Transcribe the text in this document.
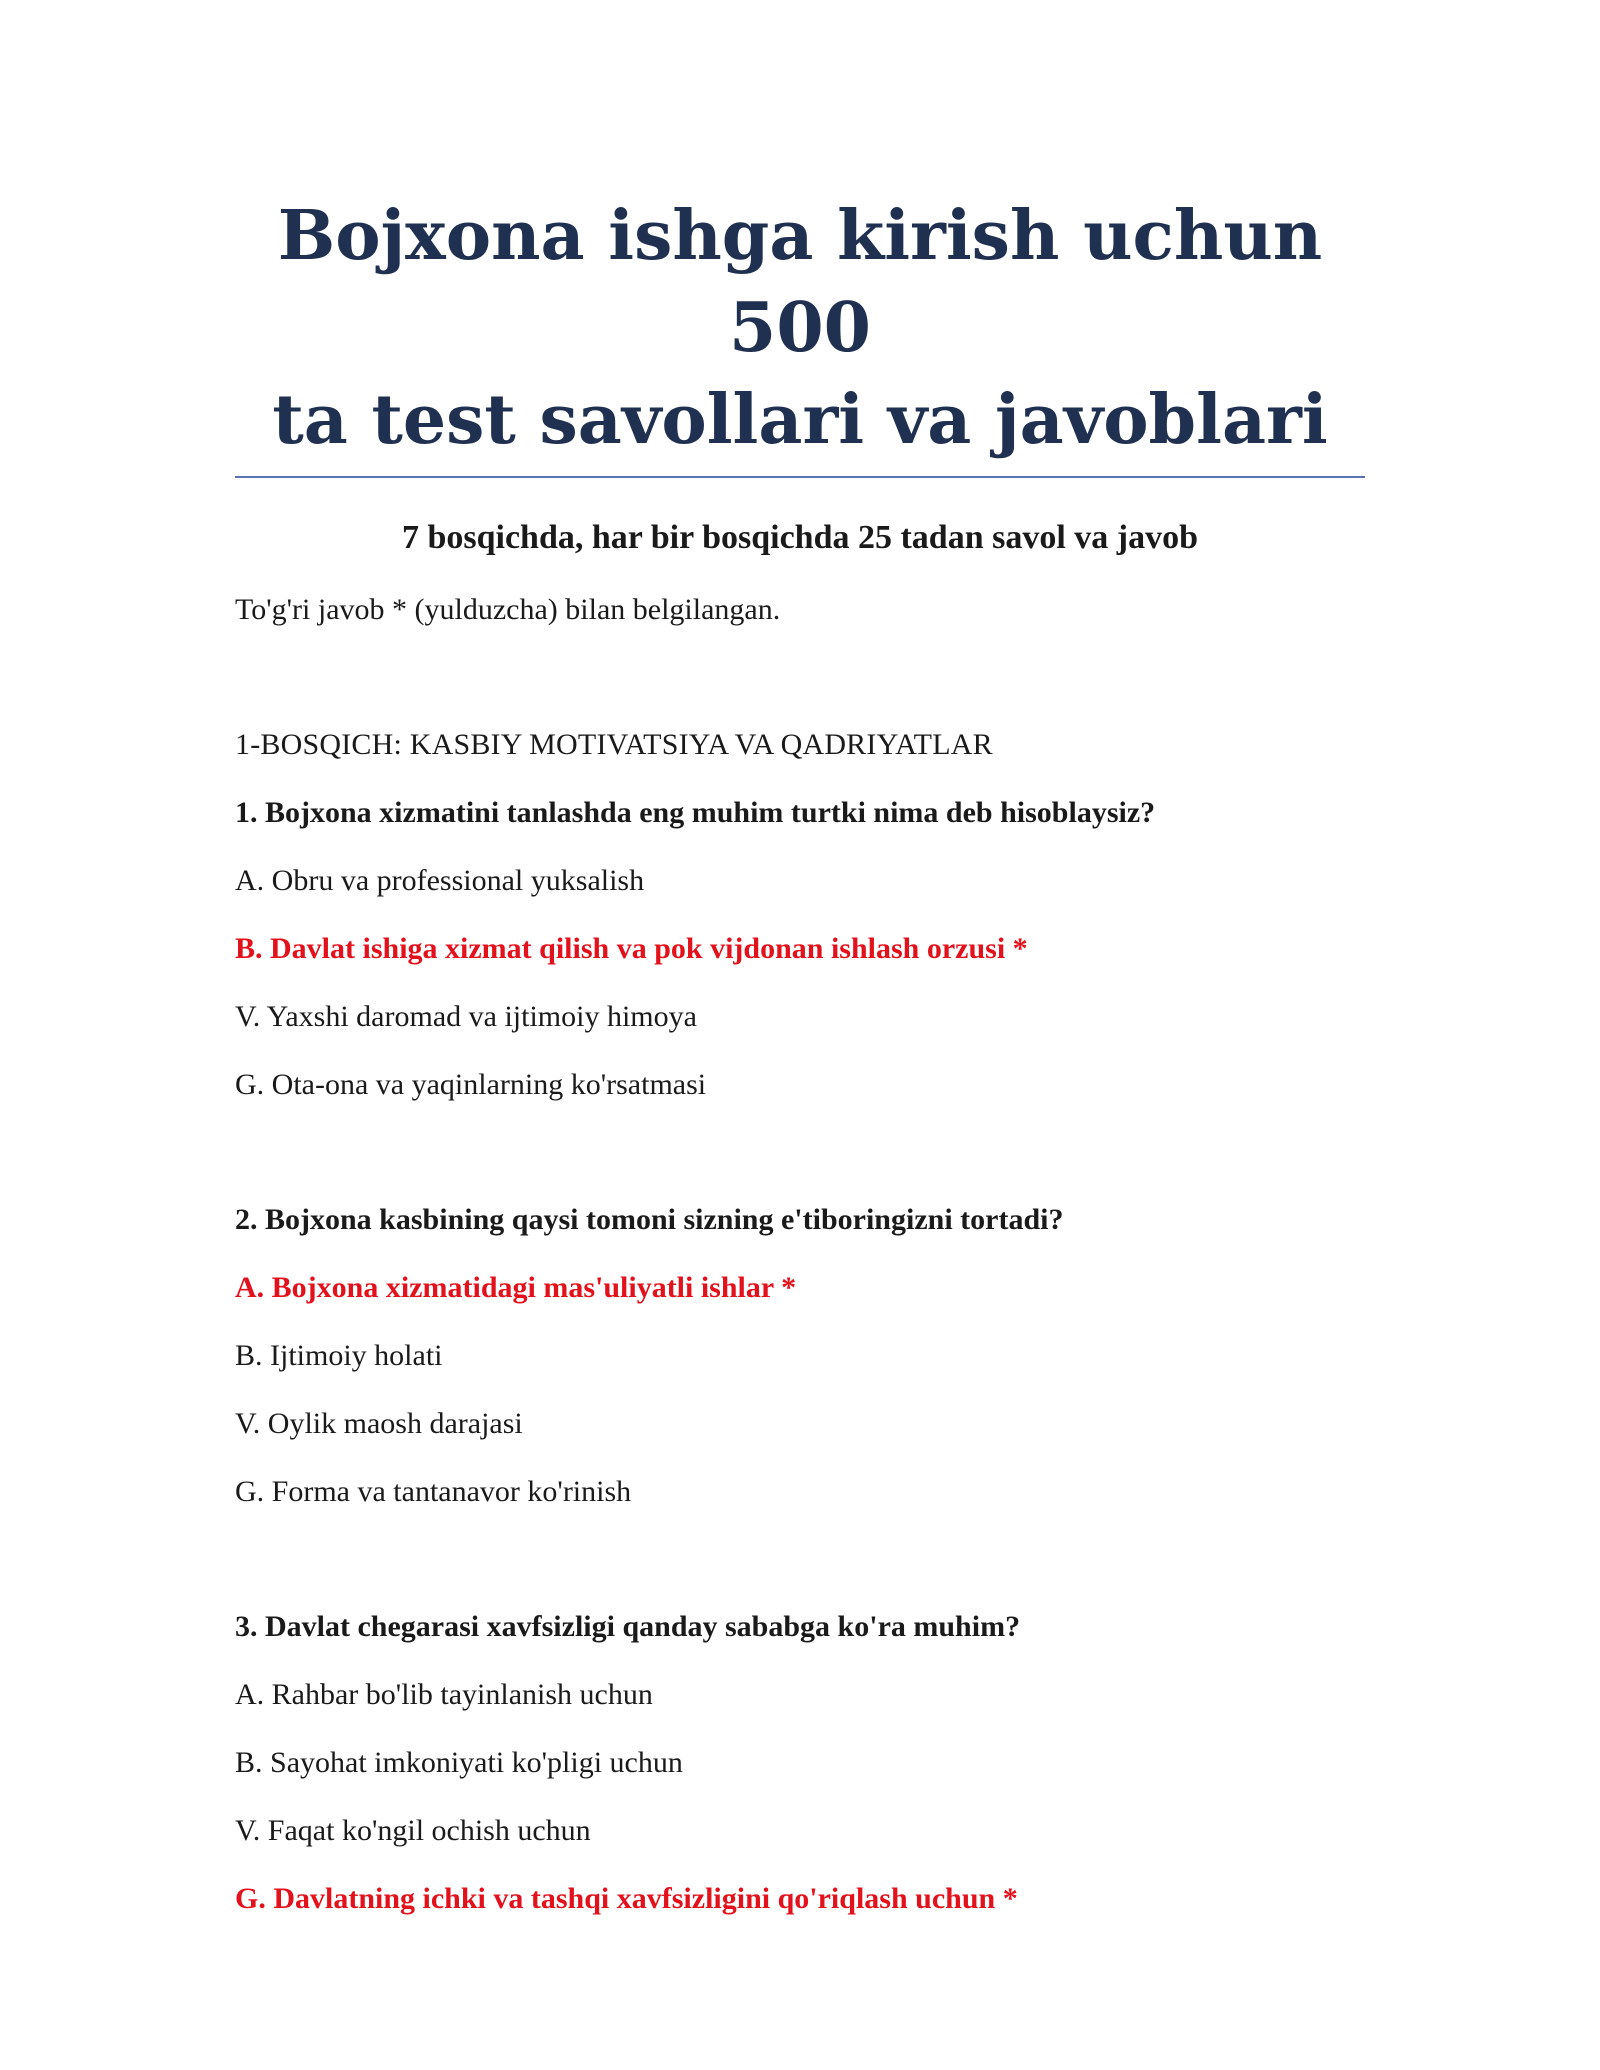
Bojxona ishga kirish uchun 500
ta test savollari va javoblari
7 bosqichda, har bir bosqichda 25 tadan savol va javob
To'g'ri javob * (yulduzcha) bilan belgilangan.
1-BOSQICH: KASBIY MOTIVATSIYA VA QADRIYATLAR
1. Bojxona xizmatini tanlashda eng muhim turtki nima deb hisoblaysiz?
A. Obru va professional yuksalish
B. Davlat ishiga xizmat qilish va pok vijdonan ishlash orzusi *
V. Yaxshi daromad va ijtimoiy himoya
G. Ota-ona va yaqinlarning ko'rsatmasi
2. Bojxona kasbining qaysi tomoni sizning e'tiboringizni tortadi?
A. Bojxona xizmatidagi mas'uliyatli ishlar *
B. Ijtimoiy holati
V. Oylik maosh darajasi
G. Forma va tantanavor ko'rinish
3. Davlat chegarasi xavfsizligi qanday sababga ko'ra muhim?
A. Rahbar bo'lib tayinlanish uchun
B. Sayohat imkoniyati ko'pligi uchun
V. Faqat ko'ngil ochish uchun
G. Davlatning ichki va tashqi xavfsizligini qo'riqlash uchun *
